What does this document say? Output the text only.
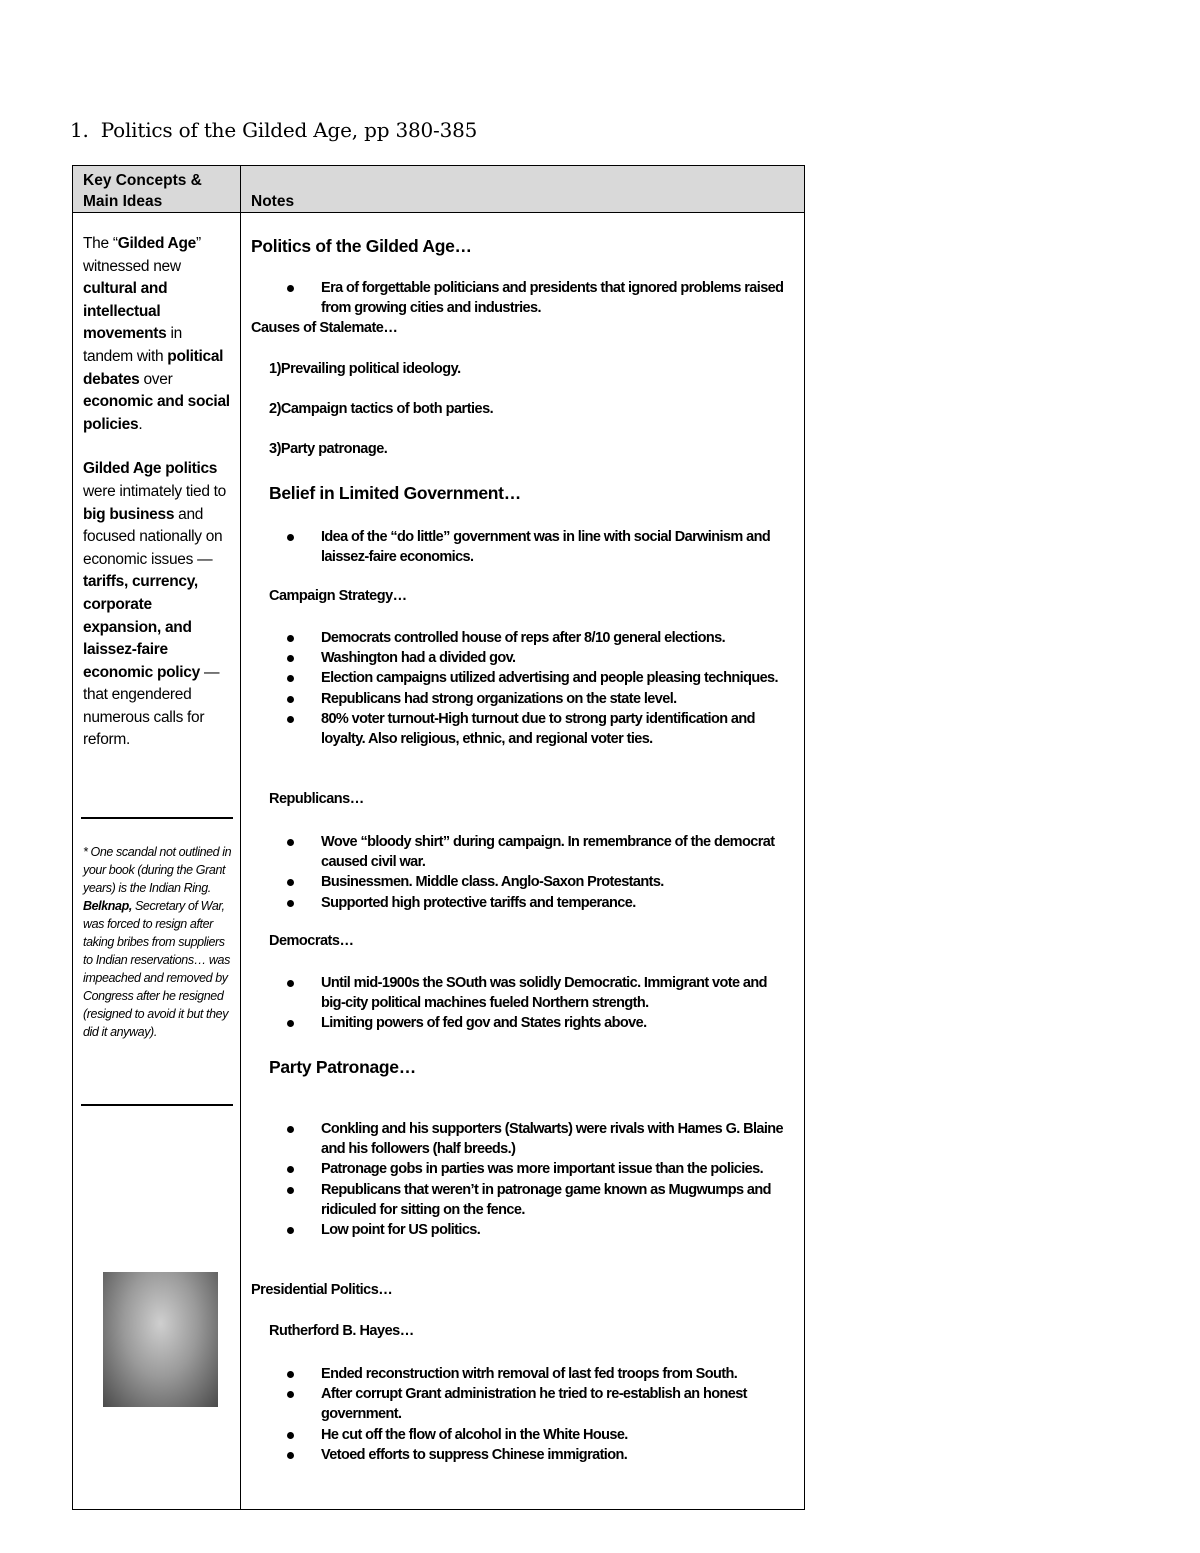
1. Politics of the Gilded Age, pp 380-385
Key Concepts & Main Ideas	Notes

The “Gilded Age” witnessed new cultural and intellectual movements in tandem with political debates over economic and social policies.

Gilded Age politics were intimately tied to big business and focused nationally on economic issues — tariffs, currency, corporate expansion, and laissez-faire economic policy — that engendered numerous calls for reform.

* One scandal not outlined in your book (during the Grant years) is the Indian Ring. Belknap, Secretary of War, was forced to resign after taking bribes from suppliers to Indian reservations… was impeached and removed by Congress after he resigned (resigned to avoid it but they did it anyway).
Politics of the Gilded Age…
Era of forgettable politicians and presidents that ignored problems raised from growing cities and industries.
Causes of Stalemate…
1)Prevailing political ideology.
2)Campaign tactics of both parties.
3)Party patronage.
Belief in Limited Government…
Idea of the “do little” government was in line with social Darwinism and laissez-faire economics.
Campaign Strategy…
Democrats controlled house of reps after 8/10 general elections.
Washington had a divided gov.
Election campaigns utilized advertising and people pleasing techniques.
Republicans had strong organizations on the state level.
80% voter turnout-High turnout due to strong party identification and loyalty. Also religious, ethnic, and regional voter ties.
Republicans…
Wove “bloody shirt” during campaign. In remembrance of the democrat caused civil war.
Businessmen. Middle class. Anglo-Saxon Protestants.
Supported high protective tariffs and temperance.
Democrats…
Until mid-1900s the SOuth was solidly Democratic. Immigrant vote and big-city political machines fueled Northern strength.
Limiting powers of fed gov and States rights above.
Party Patronage…
Conkling and his supporters (Stalwarts) were rivals with Hames G. Blaine and his followers (half breeds.)
Patronage gobs in parties was more important issue than the policies.
Republicans that weren’t in patronage game known as Mugwumps and ridiculed for sitting on the fence.
Low point for US politics.
Presidential Politics…
Rutherford B. Hayes…
Ended reconstruction witrh removal of last fed troops from South.
After corrupt Grant administration he tried to re-establish an honest government.
He cut off the flow of alcohol in the White House.
Vetoed efforts to suppress Chinese immigration.
